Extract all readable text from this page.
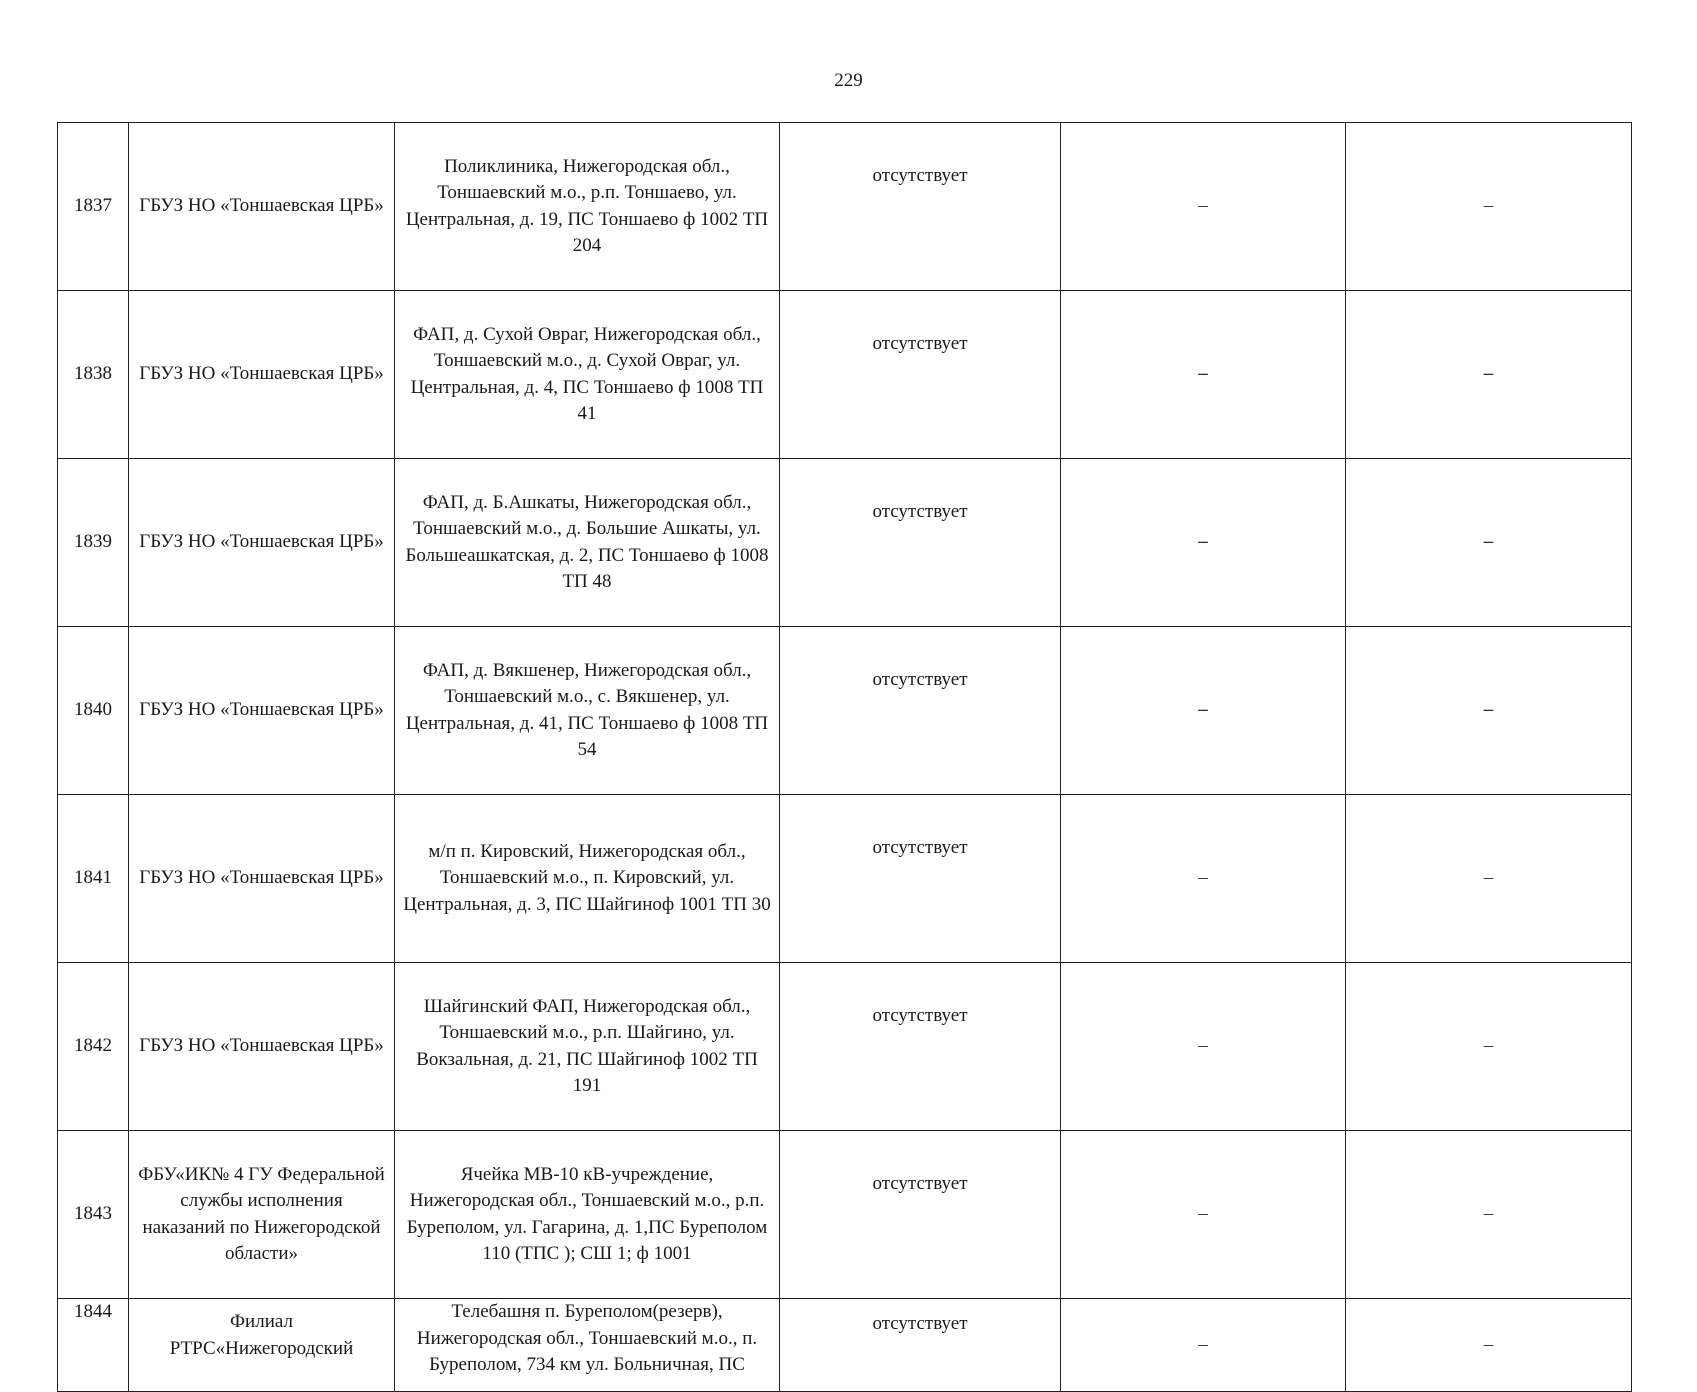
229
1837	ГБУЗ НО «Тоншаевская ЦРБ»	Поликлиника, Нижегородская обл., Тоншаевский м.о., р.п. Тоншаево, ул. Центральная, д. 19, ПС Тоншаево ф 1002 ТП 204	отсутствует	–	–
1838	ГБУЗ НО «Тоншаевская ЦРБ»	ФАП, д. Сухой Овраг, Нижегородская обл., Тоншаевский м.о., д. Сухой Овраг, ул. Центральная, д. 4, ПС Тоншаево ф 1008 ТП 41	отсутствует	–	–
1839	ГБУЗ НО «Тоншаевская ЦРБ»	ФАП, д. Б.Ашкаты, Нижегородская обл., Тоншаевский м.о., д. Большие Ашкаты, ул. Большеашкатская, д. 2, ПС Тоншаево ф 1008 ТП 48	отсутствует	–	–
1840	ГБУЗ НО «Тоншаевская ЦРБ»	ФАП, д. Вякшенер, Нижегородская обл., Тоншаевский м.о., с. Вякшенер, ул. Центральная, д. 41, ПС Тоншаево ф 1008 ТП 54	отсутствует	–	–
1841	ГБУЗ НО «Тоншаевская ЦРБ»	м/п п. Кировский, Нижегородская обл., Тоншаевский м.о., п. Кировский, ул. Центральная, д. 3, ПС Шайгиноф 1001 ТП 30	отсутствует	–	–
1842	ГБУЗ НО «Тоншаевская ЦРБ»	Шайгинский ФАП, Нижегородская обл., Тоншаевский м.о., р.п. Шайгино, ул. Вокзальная, д. 21, ПС Шайгиноф 1002 ТП 191	отсутствует	–	–
1843	ФБУ«ИК№ 4 ГУ Федеральной службы исполнения наказаний по Нижегородской области»	Ячейка МВ-10 кВ-учреждение, Нижегородская обл., Тоншаевский м.о., р.п. Буреполом, ул. Гагарина, д. 1,ПС Буреполом 110 (ТПС ); СШ 1; ф 1001	отсутствует	–	–
1844	Филиал РТРС«Нижегородский	Телебашня п. Буреполом(резерв), Нижегородская обл., Тоншаевский м.о., п. Буреполом, 734 км ул. Больничная, ПС	отсутствует	–	–
